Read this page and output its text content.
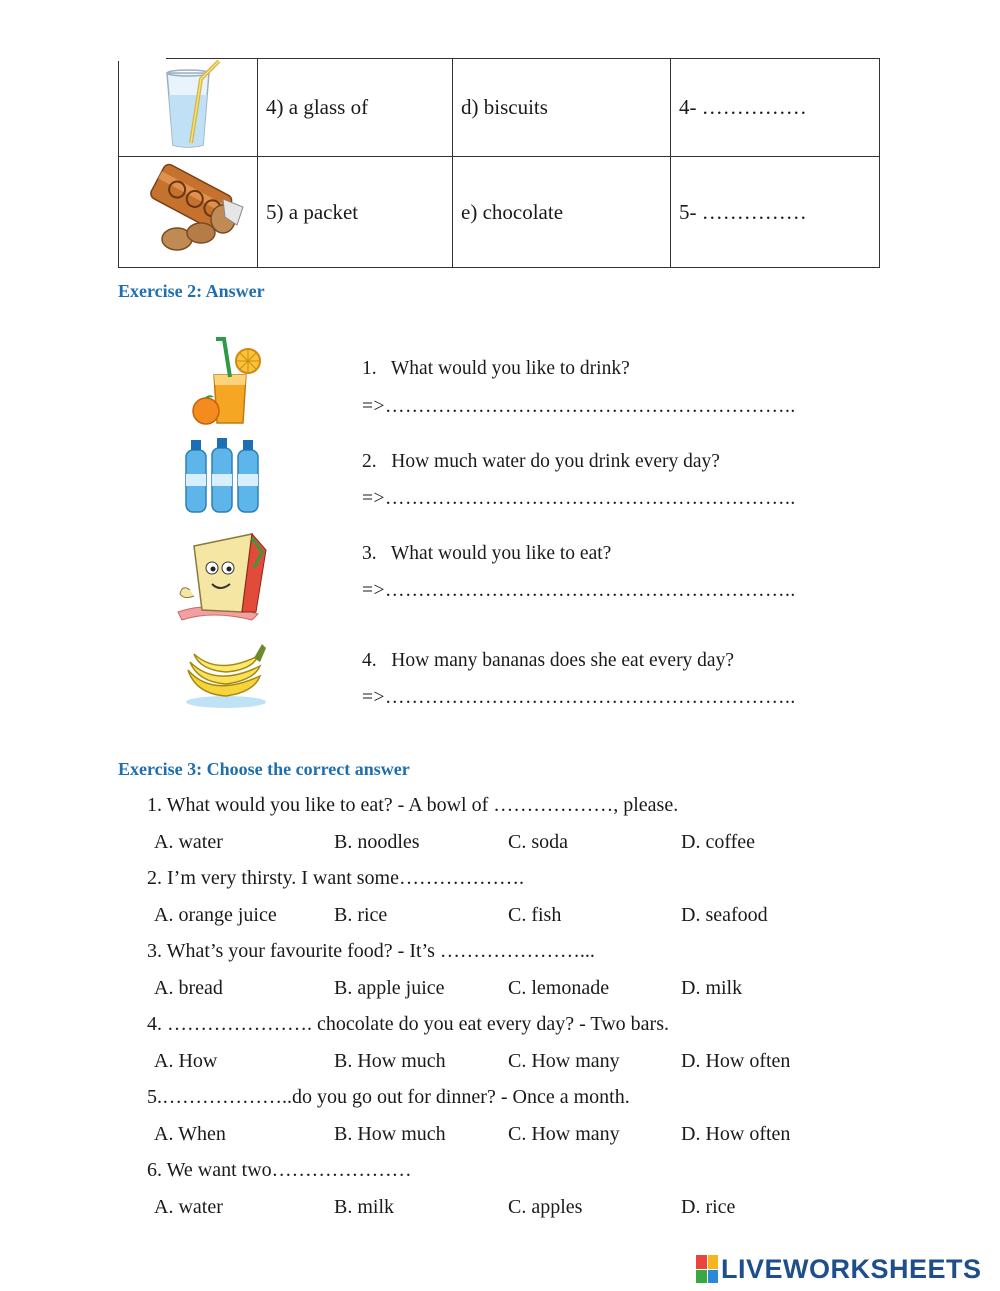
	4) a glass of	d) biscuits	4- ……………
	5) a packet	e) chocolate	5- ……………
Exercise 2: Answer
1. What would you like to drink?
=>……………………………………………………..
2. How much water do you drink every day?
=>……………………………………………………..
3. What would you like to eat?
=>……………………………………………………..
4. How many bananas does she eat every day?
=>……………………………………………………..
Exercise 3: Choose the correct answer
1. What would you like to eat? - A bowl of ………………, please.
A. water	B. noodles	C. soda	D. coffee
2. I’m very thirsty. I want some……………….
A. orange juice	B. rice	C. fish	D. seafood
3. What’s your favourite food? - It’s …………………...
A. bread	B. apple juice	C. lemonade	D. milk
4. …………………. chocolate do you eat every day? - Two bars.
A. How	B. How much	C. How many	D. How often
5.………………..do you go out for dinner? - Once a month.
A. When	B. How much	C. How many	D. How often
6. We want two…………………
A. water	B. milk	C. apples	D. rice
LIVEWORKSHEETS
